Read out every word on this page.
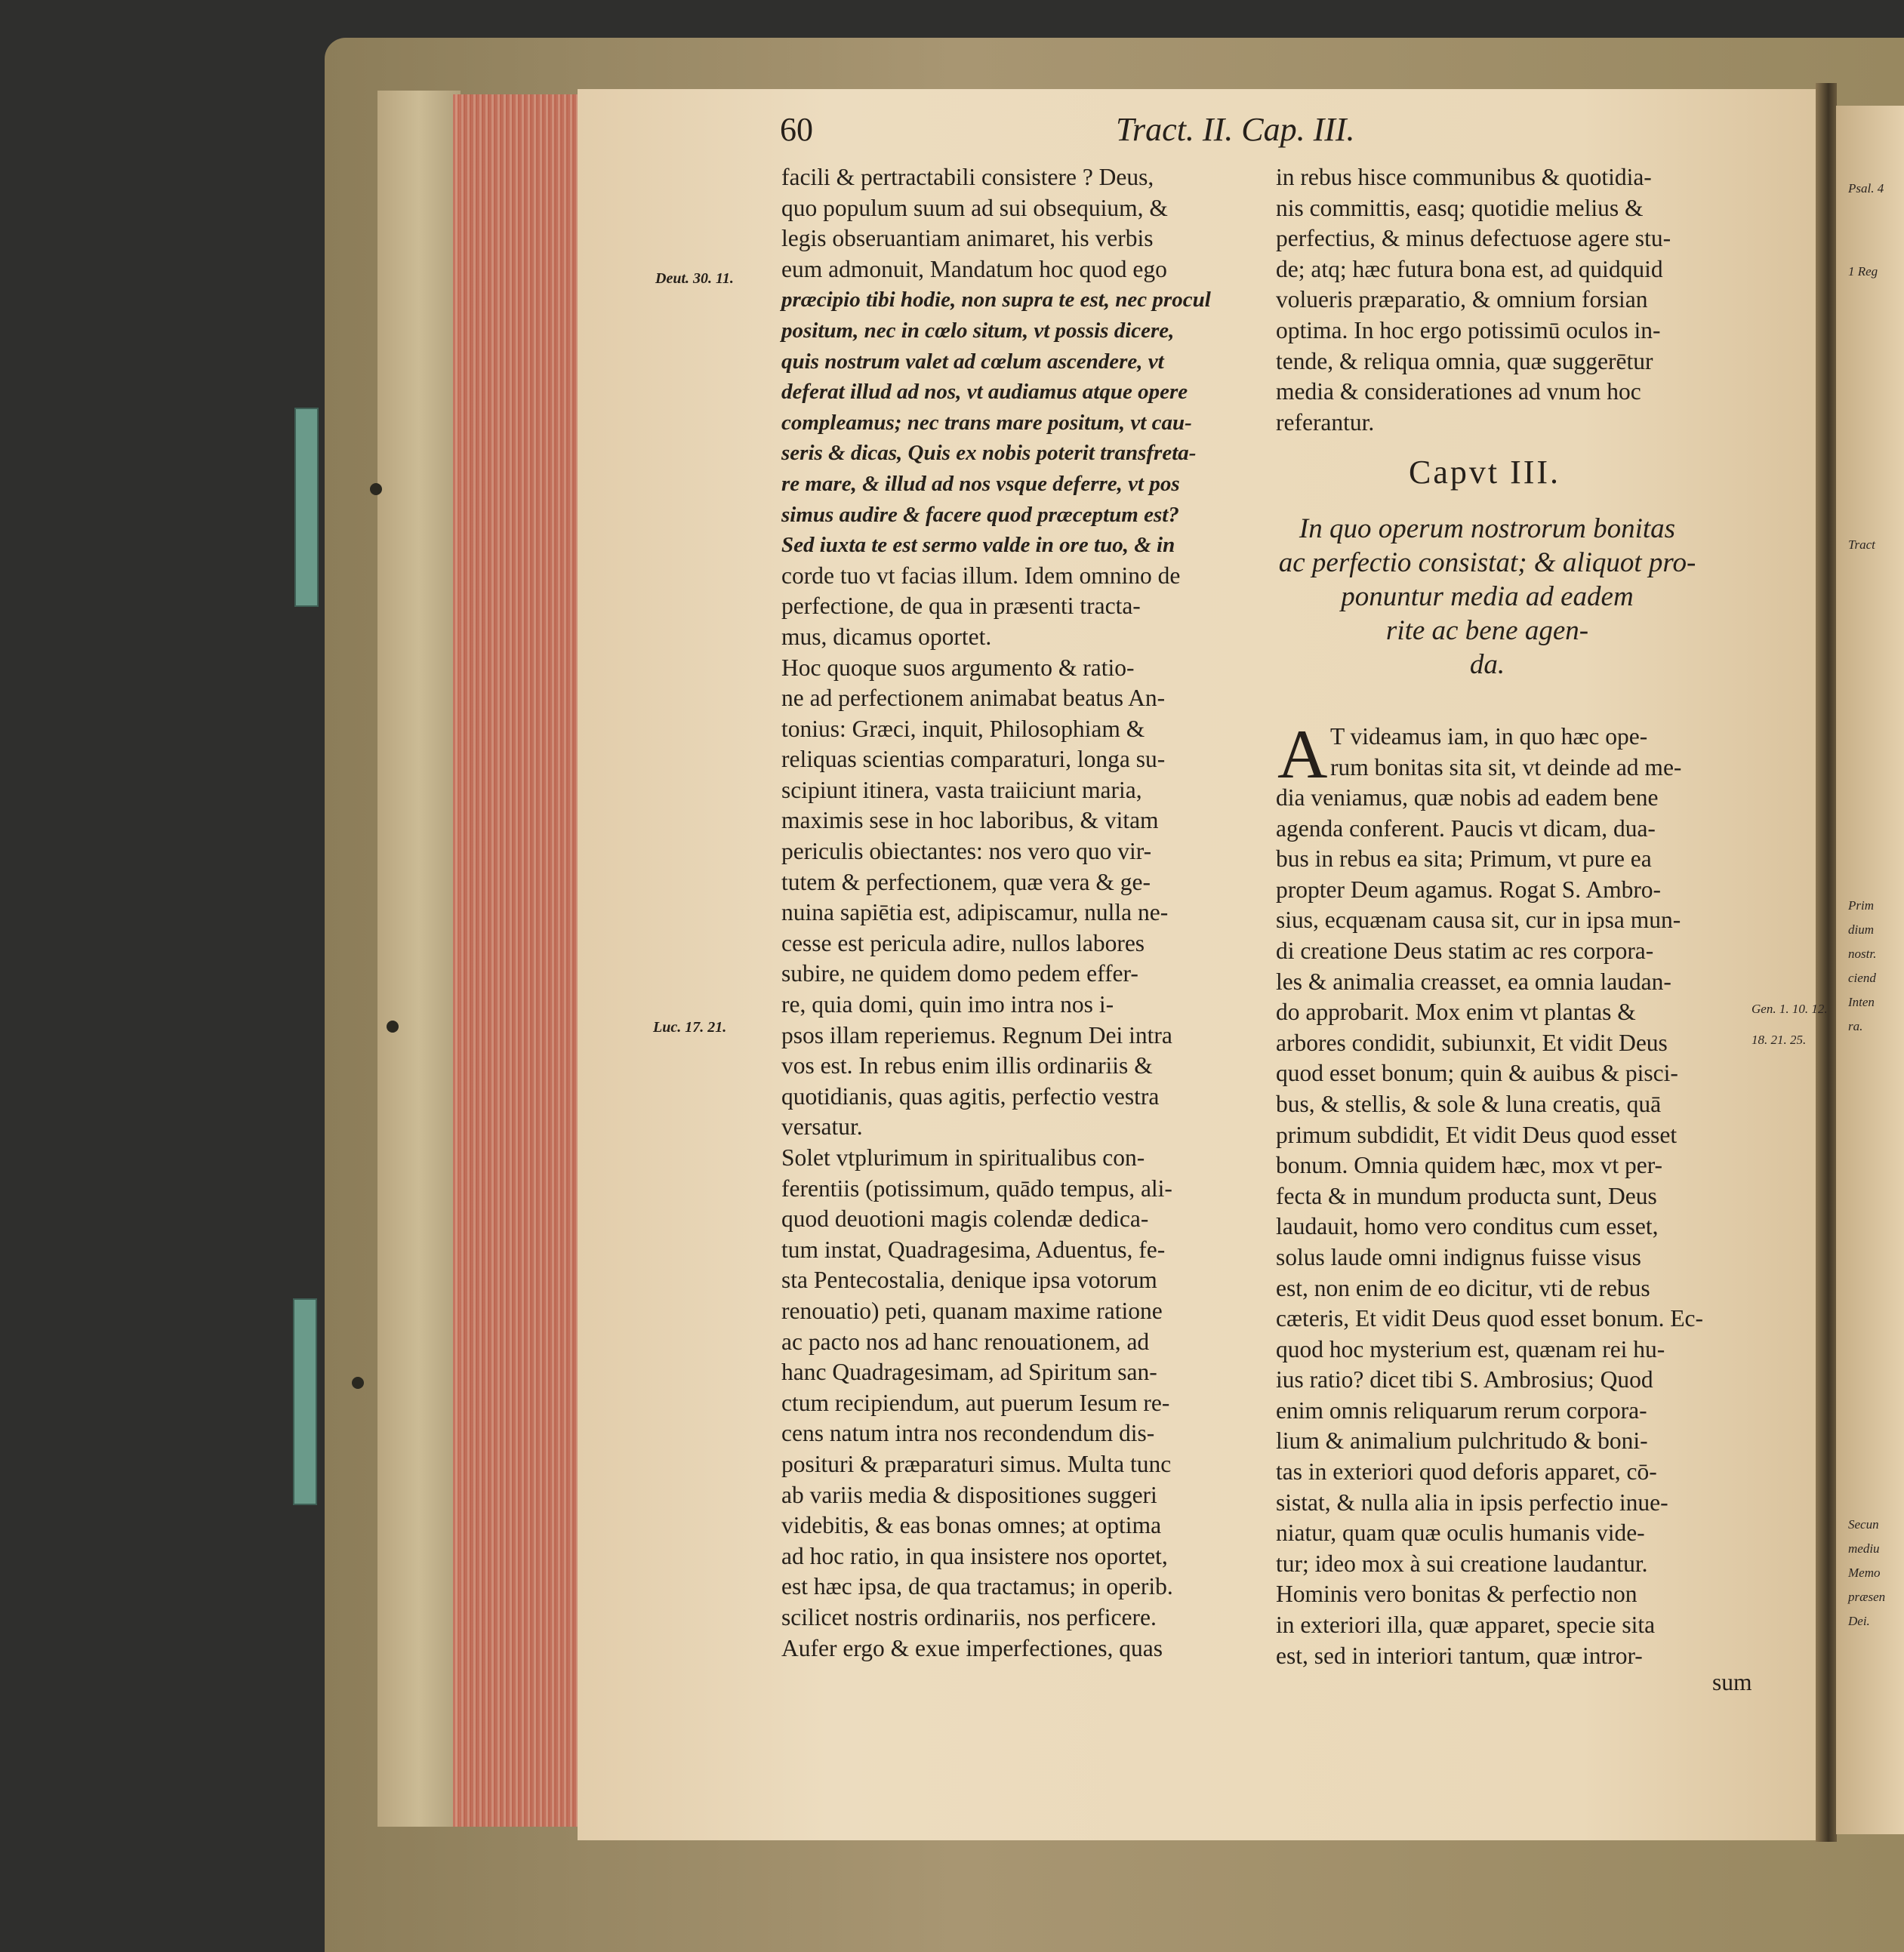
60	Tract. II. Cap. III.
Deut. 30. 11.
Luc. 17. 21.
facili & pertractabili consistere ? Deus,
quo populum suum ad sui obsequium, &
legis obseruantiam animaret, his verbis
eum admonuit, Mandatum hoc quod ego
præcipio tibi hodie, non supra te est, nec procul
positum, nec in cœlo situm, vt possis dicere,
quis nostrum valet ad cœlum ascendere, vt
deferat illud ad nos, vt audiamus atque opere
compleamus; nec trans mare positum, vt cau-
seris & dicas, Quis ex nobis poterit transfreta-
re mare, & illud ad nos vsque deferre, vt pos
simus audire & facere quod præceptum est?
Sed iuxta te est sermo valde in ore tuo, & in
corde tuo vt facias illum. Idem omnino de
perfectione, de qua in præsenti tracta-
mus, dicamus oportet.
Hoc quoque suos argumento & ratio-
ne ad perfectionem animabat beatus An-
tonius: Græci, inquit, Philosophiam &
reliquas scientias comparaturi, longa su-
scipiunt itinera, vasta traiiciunt maria,
maximis sese in hoc laboribus, & vitam
periculis obiectantes: nos vero quo vir-
tutem & perfectionem, quæ vera & ge-
nuina sapiētia est, adipiscamur, nulla ne-
cesse est pericula adire, nullos labores
subire, ne quidem domo pedem effer-
re, quia domi, quin imo intra nos i-
psos illam reperiemus. Regnum Dei intra
vos est. In rebus enim illis ordinariis &
quotidianis, quas agitis, perfectio vestra
versatur.
Solet vtplurimum in spiritualibus con-
ferentiis (potissimum, quādo tempus, ali-
quod deuotioni magis colendæ dedica-
tum instat, Quadragesima, Aduentus, fe-
sta Pentecostalia, denique ipsa votorum
renouatio) peti, quanam maxime ratione
ac pacto nos ad hanc renouationem, ad
hanc Quadragesimam, ad Spiritum san-
ctum recipiendum, aut puerum Iesum re-
cens natum intra nos recondendum dis-
posituri & præparaturi simus. Multa tunc
ab variis media & dispositiones suggeri
videbitis, & eas bonas omnes; at optima
ad hoc ratio, in qua insistere nos oportet,
est hæc ipsa, de qua tractamus; in operib.
scilicet nostris ordinariis, nos perficere.
Aufer ergo & exue imperfectiones, quas
in rebus hisce communibus & quotidia-
nis committis, easq; quotidie melius &
perfectius, & minus defectuose agere stu-
de; atq; hæc futura bona est, ad quidquid
volueris præparatio, & omnium forsian
optima. In hoc ergo potissimū oculos in-
tende, & reliqua omnia, quæ suggerētur
media & considerationes ad vnum hoc
referantur.
Capvt III.
In quo operum nostrorum bonitas
ac perfectio consistat; & aliquot pro-
ponuntur media ad eadem
rite ac bene agen-
da.
A T videamus iam, in quo hæc ope-
rum bonitas sita sit, vt deinde ad me-
dia veniamus, quæ nobis ad eadem bene
agenda conferent. Paucis vt dicam, dua-
bus in rebus ea sita; Primum, vt pure ea
propter Deum agamus. Rogat S. Ambro-
sius, ecquænam causa sit, cur in ipsa mun-
di creatione Deus statim ac res corpora-
les & animalia creasset, ea omnia laudan-
do approbarit. Mox enim vt plantas &
arbores condidit, subiunxit, Et vidit Deus
quod esset bonum; quin & auibus & pisci-
bus, & stellis, & sole & luna creatis, quā
primum subdidit, Et vidit Deus quod esset
bonum. Omnia quidem hæc, mox vt per-
fecta & in mundum producta sunt, Deus
laudauit, homo vero conditus cum esset,
solus laude omni indignus fuisse visus
est, non enim de eo dicitur, vti de rebus
cæteris, Et vidit Deus quod esset bonum. Ec-
quod hoc mysterium est, quænam rei hu-
ius ratio? dicet tibi S. Ambrosius; Quod
enim omnis reliquarum rerum corpora-
lium & animalium pulchritudo & boni-
tas in exteriori quod deforis apparet, cō-
sistat, & nulla alia in ipsis perfectio inue-
niatur, quam quæ oculis humanis vide-
tur; ideo mox à sui creatione laudantur.
Hominis vero bonitas & perfectio non
in exteriori illa, quæ apparet, specie sita
est, sed in interiori tantum, quæ intror-
sum
Gen. 1. 10. 12.
18. 21. 25.
Psal. 4
1 Reg
Tract
Prim
dium
nostr.
ciend
Inten
ra.
Secun
mediu
Memo
præsen
Dei.
